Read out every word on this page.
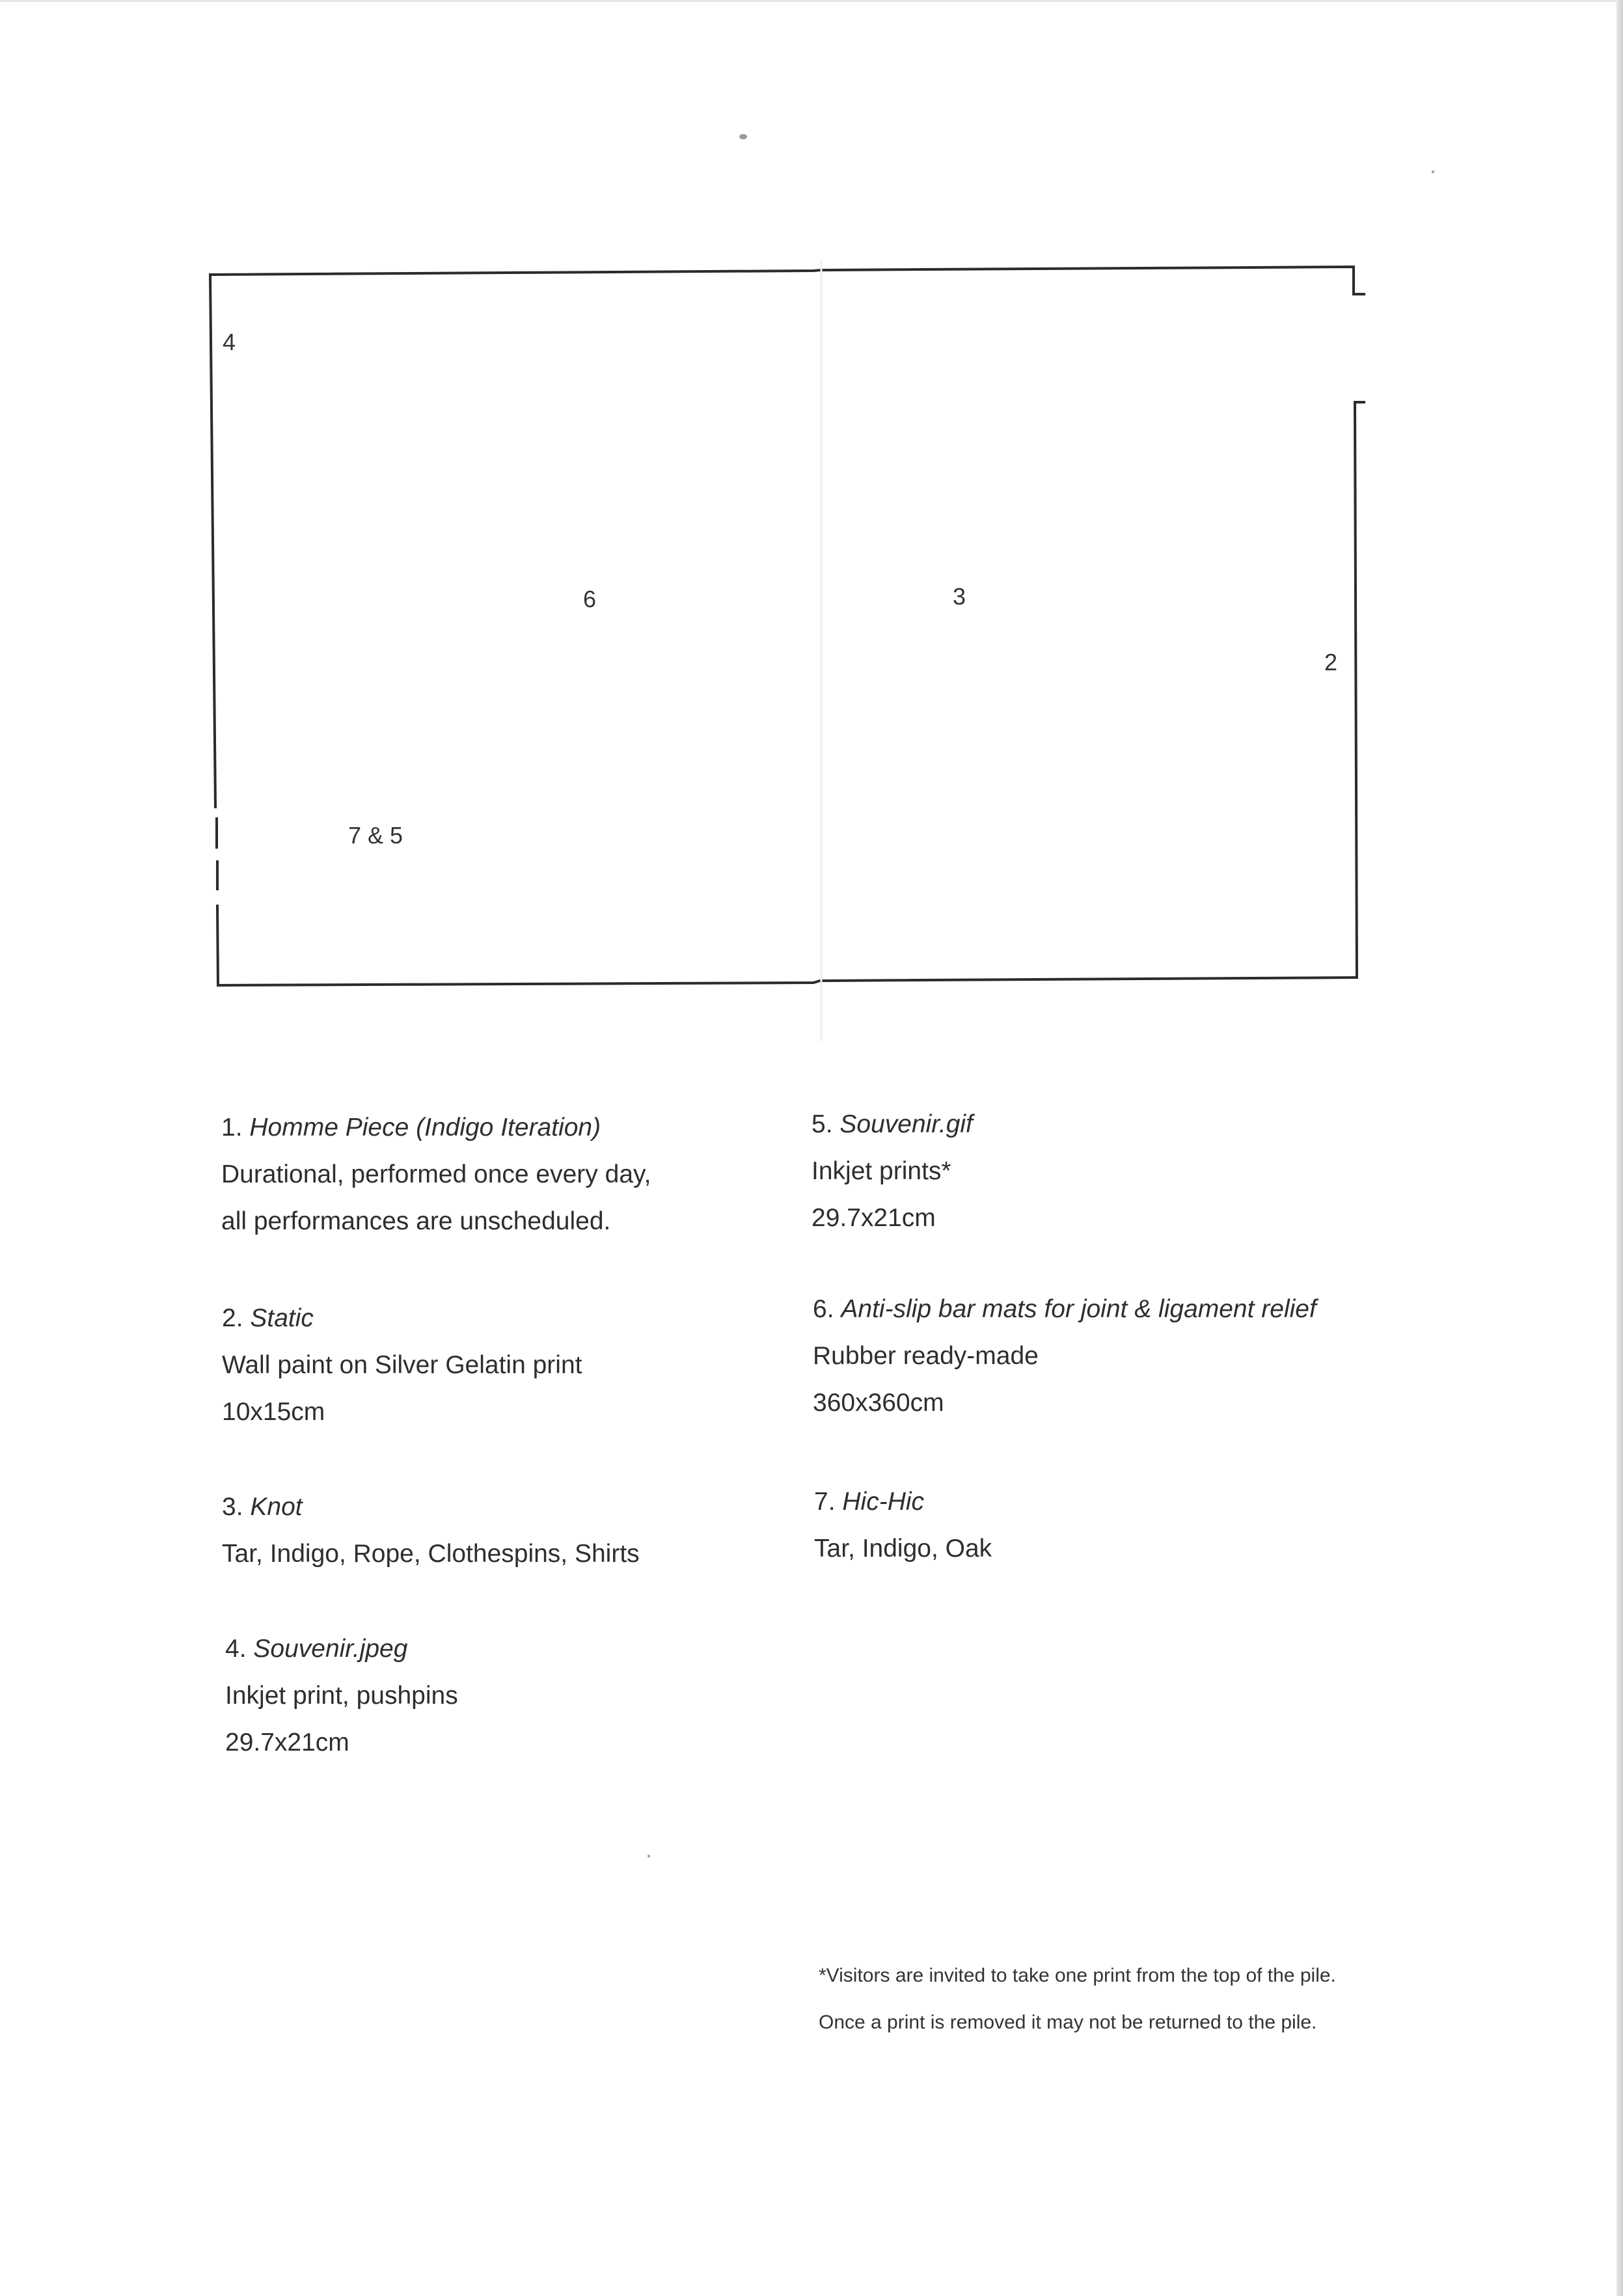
4
6	3
2
7 & 5
1. Homme Piece (Indigo Iteration)
Durational, performed once every day,
all performances are unscheduled.
2. Static
Wall paint on Silver Gelatin print
10x15cm
3. Knot
Tar, Indigo, Rope, Clothespins, Shirts
4. Souvenir.jpeg
Inkjet print, pushpins
29.7x21cm
5. Souvenir.gif
Inkjet prints*
29.7x21cm
6. Anti-slip bar mats for joint & ligament relief
Rubber ready-made
360x360cm
7. Hic-Hic
Tar, Indigo, Oak

*Visitors are invited to take one print from the top of the pile.

Once a print is removed it may not be returned to the pile.
